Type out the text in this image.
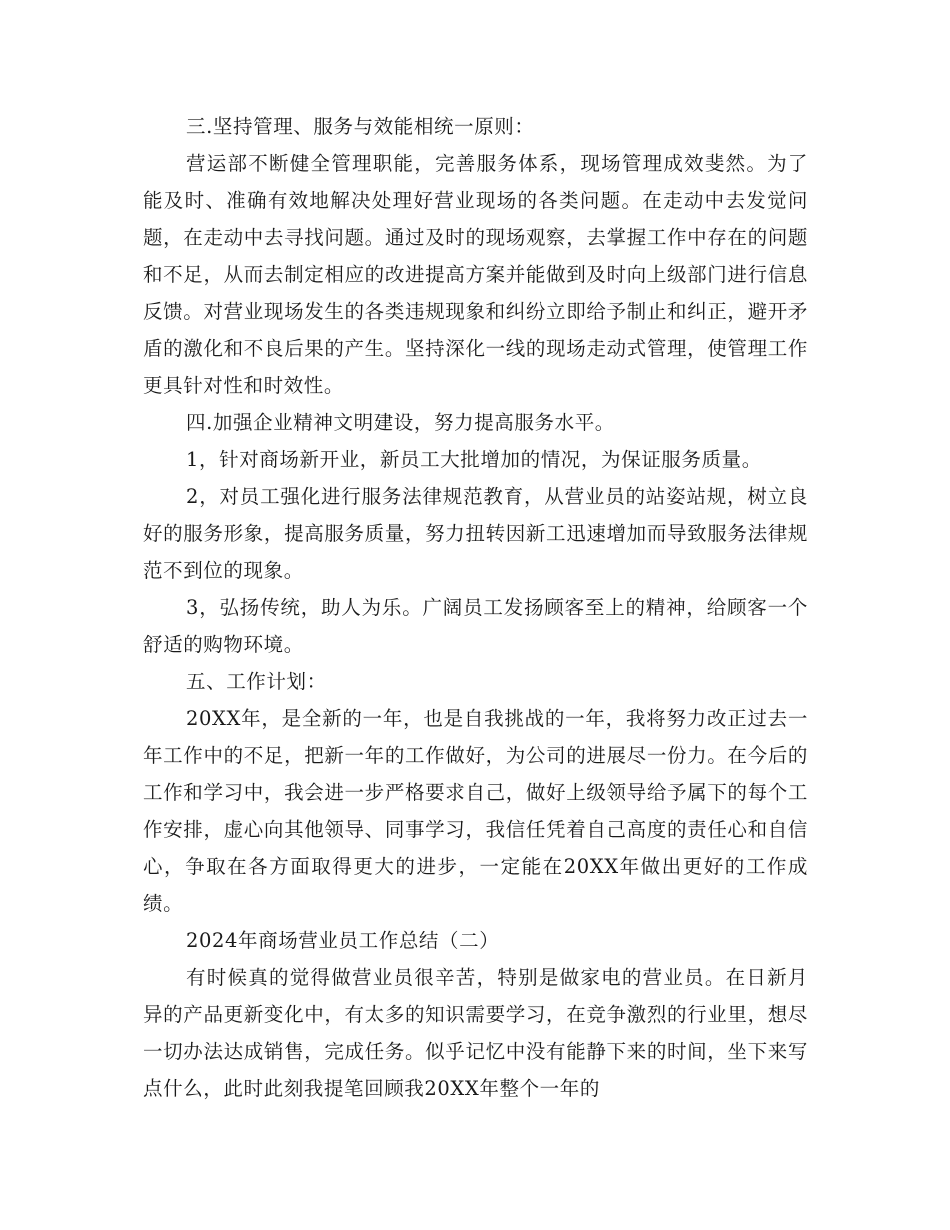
三.坚持管理、服务与效能相统一原则：

营运部不断健全管理职能，完善服务体系，现场管理成效斐然。为了能及时、准确有效地解决处理好营业现场的各类问题。在走动中去发觉问题，在走动中去寻找问题。通过及时的现场观察，去掌握工作中存在的问题和不足，从而去制定相应的改进提高方案并能做到及时向上级部门进行信息反馈。对营业现场发生的各类违规现象和纠纷立即给予制止和纠正，避开矛盾的激化和不良后果的产生。坚持深化一线的现场走动式管理，使管理工作更具针对性和时效性。

四.加强企业精神文明建设，努力提高服务水平。

1，针对商场新开业，新员工大批增加的情况，为保证服务质量。

2，对员工强化进行服务法律规范教育，从营业员的站姿站规，树立良好的服务形象，提高服务质量，努力扭转因新工迅速增加而导致服务法律规范不到位的现象。

3，弘扬传统，助人为乐。广阔员工发扬顾客至上的精神，给顾客一个舒适的购物环境。

五、工作计划：

20XX年，是全新的一年，也是自我挑战的一年，我将努力改正过去一年工作中的不足，把新一年的工作做好，为公司的进展尽一份力。在今后的工作和学习中，我会进一步严格要求自己，做好上级领导给予属下的每个工作安排，虚心向其他领导、同事学习，我信任凭着自己高度的责任心和自信心，争取在各方面取得更大的进步，一定能在20XX年做出更好的工作成绩。

2024年商场营业员工作总结（二）

有时候真的觉得做营业员很辛苦，特别是做家电的营业员。在日新月异的产品更新变化中，有太多的知识需要学习，在竞争激烈的行业里，想尽一切办法达成销售，完成任务。似乎记忆中没有能静下来的时间，坐下来写点什么，此时此刻我提笔回顾我20XX年整个一年的
